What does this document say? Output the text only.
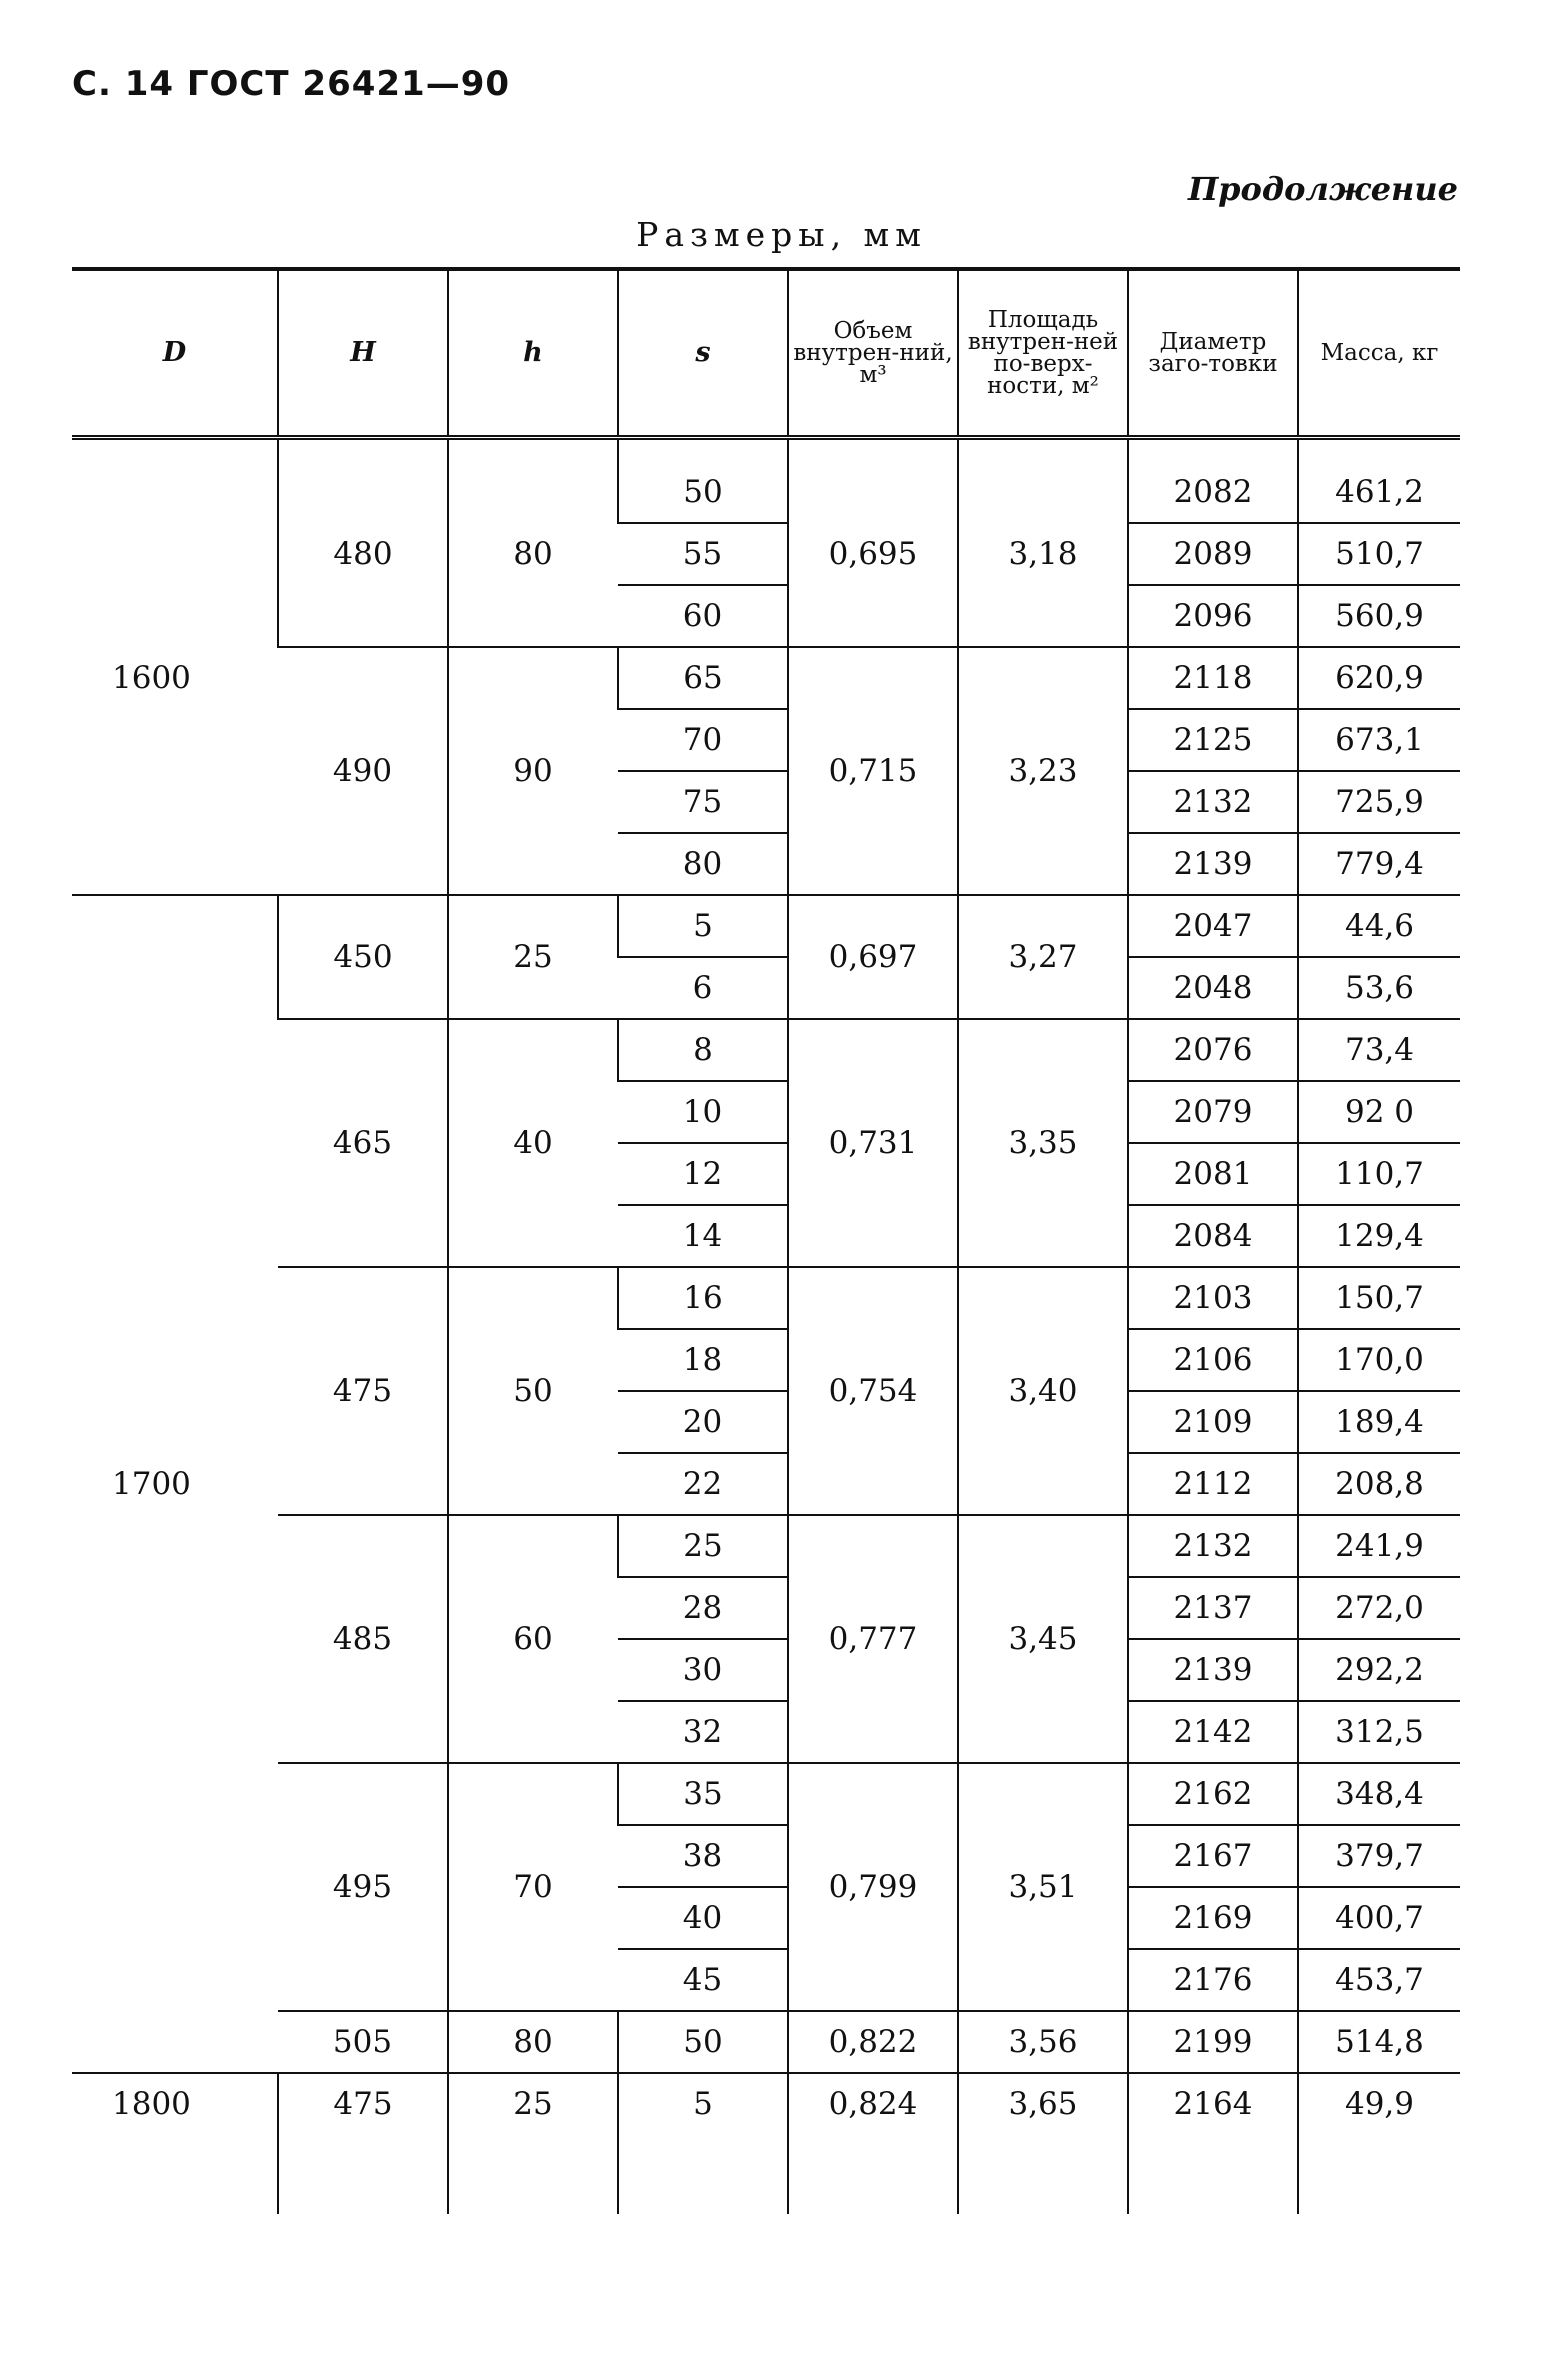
С. 14 ГОСТ 26421—90
Продолжение
Размеры, мм
D	H	h	s	Объем внутрен-ний, м³	Площадь внутрен-ней по-верх-ности, м²	Диаметр заго-товки	Масса, кг

1600	480	80	50	0,695	3,18	2082	461,2
			55			2089	510,7
			60			2096	560,9
	490	90	65	0,715	3,23	2118	620,9
			70			2125	673,1
			75			2132	725,9
			80			2139	779,4
1700	450	25	5	0,697	3,27	2047	44,6
			6			2048	53,6
	465	40	8	0,731	3,35	2076	73,4
			10			2079	92 0
			12			2081	110,7
			14			2084	129,4
	475	50	16	0,754	3,40	2103	150,7
			18			2106	170,0
			20			2109	189,4
			22			2112	208,8
	485	60	25	0,777	3,45	2132	241,9
			28			2137	272,0
			30			2139	292,2
			32			2142	312,5
	495	70	35	0,799	3,51	2162	348,4
			38			2167	379,7
			40			2169	400,7
			45			2176	453,7
	505	80	50	0,822	3,56	2199	514,8
1800	475	25	5	0,824	3,65	2164	49,9
